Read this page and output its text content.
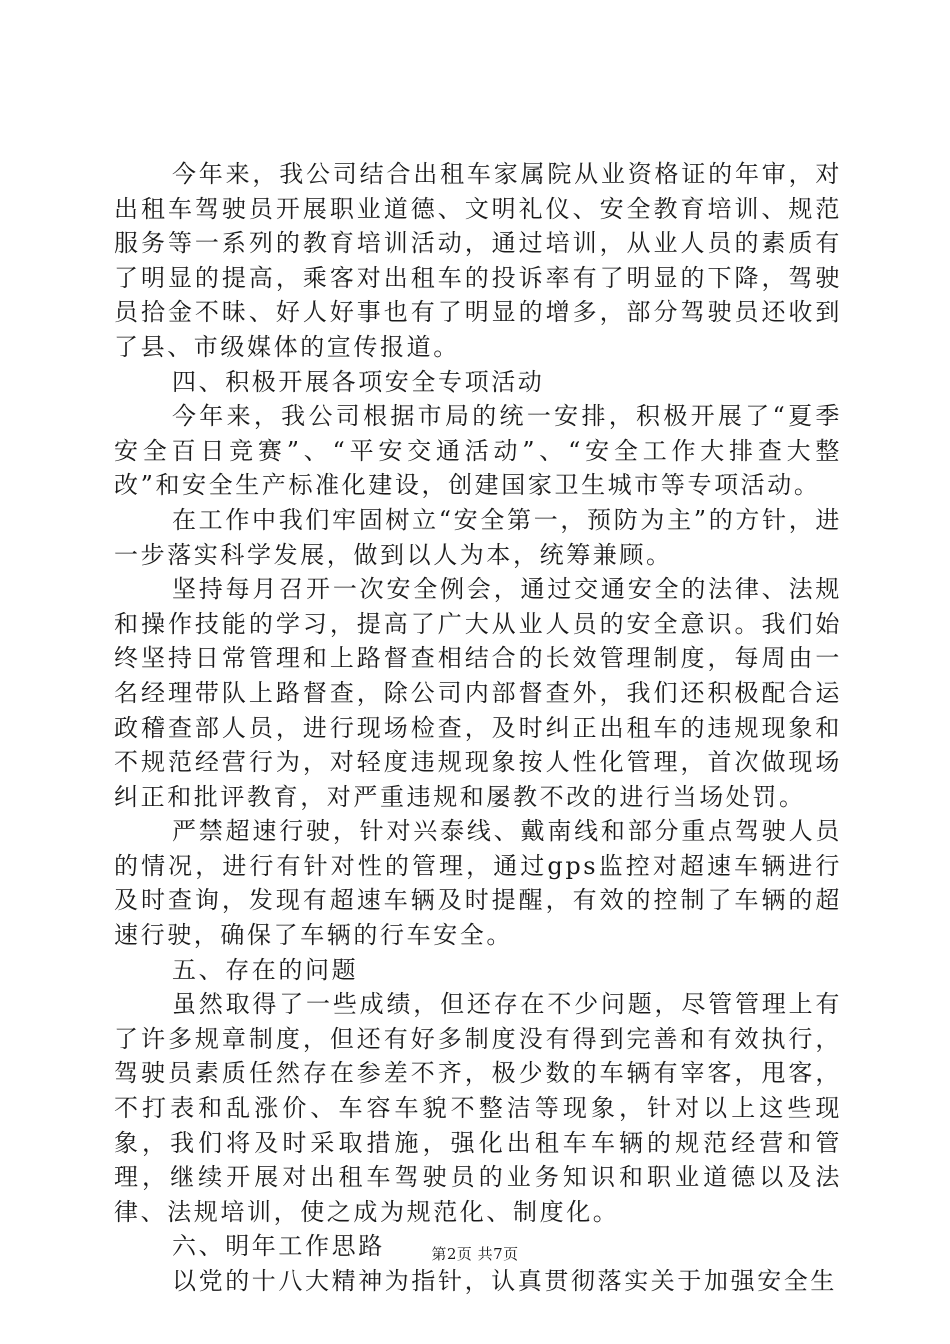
今年来，我公司结合出租车家属院从业资格证的年审，对出租车驾驶员开展职业道德、文明礼仪、安全教育培训、规范服务等一系列的教育培训活动，通过培训，从业人员的素质有了明显的提高，乘客对出租车的投诉率有了明显的下降，驾驶员拾金不昧、好人好事也有了明显的增多，部分驾驶员还收到了县、市级媒体的宣传报道。

四、积极开展各项安全专项活动

今年来，我公司根据市局的统一安排，积极开展了“夏季安全百日竞赛”、“平安交通活动”、“安全工作大排查大整改”和安全生产标准化建设，创建国家卫生城市等专项活动。

在工作中我们牢固树立“安全第一，预防为主”的方针，进一步落实科学发展，做到以人为本，统筹兼顾。

坚持每月召开一次安全例会，通过交通安全的法律、法规和操作技能的学习，提高了广大从业人员的安全意识。我们始终坚持日常管理和上路督查相结合的长效管理制度，每周由一名经理带队上路督查，除公司内部督查外，我们还积极配合运政稽查部人员，进行现场检查，及时纠正出租车的违规现象和不规范经营行为，对轻度违规现象按人性化管理，首次做现场纠正和批评教育，对严重违规和屡教不改的进行当场处罚。

严禁超速行驶，针对兴泰线、戴南线和部分重点驾驶人员的情况，进行有针对性的管理，通过gps监控对超速车辆进行及时查询，发现有超速车辆及时提醒，有效的控制了车辆的超速行驶，确保了车辆的行车安全。

五、存在的问题

虽然取得了一些成绩，但还存在不少问题，尽管管理上有了许多规章制度，但还有好多制度没有得到完善和有效执行，驾驶员素质任然存在参差不齐，极少数的车辆有宰客，甩客，不打表和乱涨价、车容车貌不整洁等现象，针对以上这些现象，我们将及时采取措施，强化出租车车辆的规范经营和管理，继续开展对出租车驾驶员的业务知识和职业道德以及法律、法规培训，使之成为规范化、制度化。

六、明年工作思路

以党的十八大精神为指针，认真贯彻落实关于加强安全生

第2页 共7页
